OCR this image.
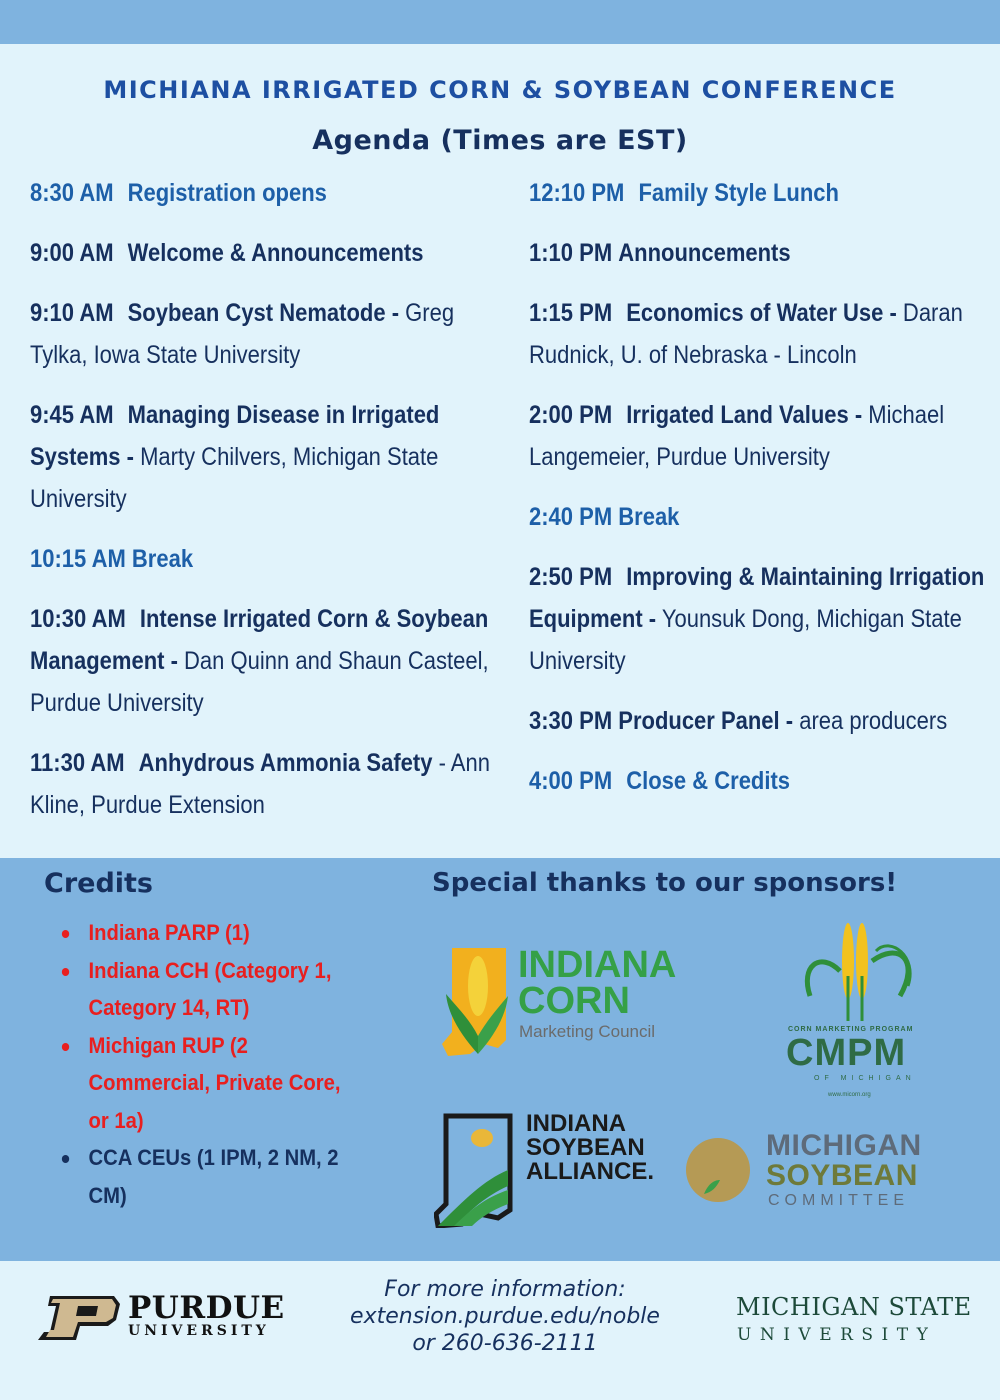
MICHIANA IRRIGATED CORN & SOYBEAN CONFERENCE
Agenda (Times are EST)
8:30 AM Registration opens
9:00 AM Welcome & Announcements
9:10 AM Soybean Cyst Nematode - Greg Tylka, Iowa State University
9:45 AM Managing Disease in Irrigated Systems - Marty Chilvers, Michigan State University
10:15 AM Break
10:30 AM Intense Irrigated Corn & Soybean Management - Dan Quinn and Shaun Casteel, Purdue University
11:30 AM Anhydrous Ammonia Safety - Ann Kline, Purdue Extension
12:10 PM Family Style Lunch
1:10 PM Announcements
1:15 PM Economics of Water Use - Daran Rudnick, U. of Nebraska - Lincoln
2:00 PM Irrigated Land Values - Michael Langemeier, Purdue University
2:40 PM Break
2:50 PM Improving & Maintaining Irrigation Equipment - Younsuk Dong, Michigan State University
3:30 PM Producer Panel - area producers
4:00 PM Close & Credits
Credits
Indiana PARP (1)
Indiana CCH (Category 1, Category 14, RT)
Michigan RUP (2 Commercial, Private Core, or 1a)
CCA CEUs (1 IPM, 2 NM, 2 CM)
Special thanks to our sponsors!
INDIANA
CORN
Marketing Council	CORN MARKETING PROGRAM
CMPM
OF MICHIGAN
www.micorn.org
INDIANA
SOYBEAN
ALLIANCE.
MICHIGAN
SOYBEAN
COMMITTEE
PURDUE
UNIVERSITY
For more information:
extension.purdue.edu/noble
or 260-636-2111
MICHIGAN STATE
UNIVERSITY
